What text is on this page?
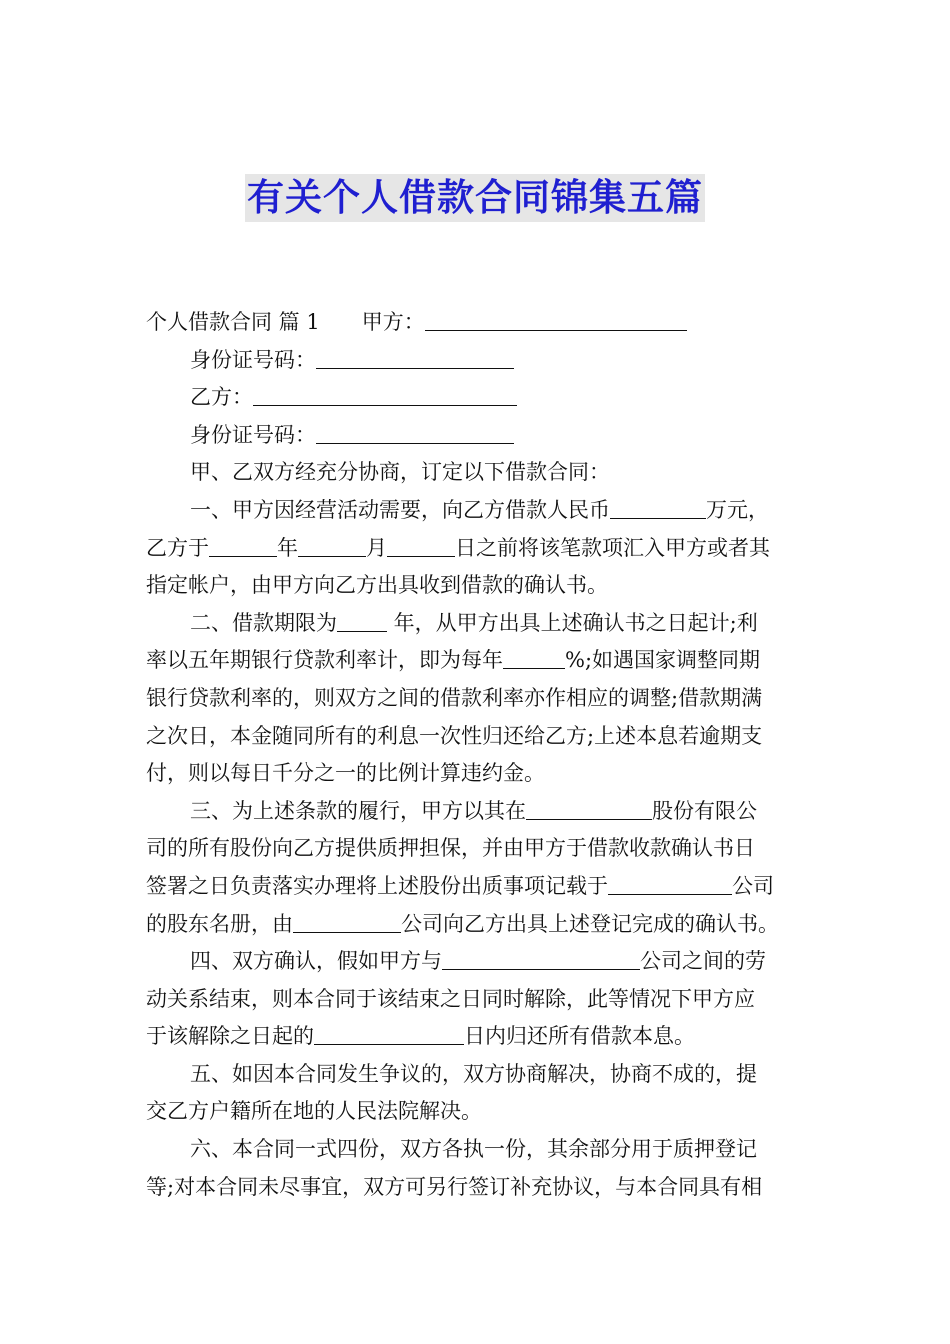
有关个人借款合同锦集五篇
个人借款合同 篇 1　　甲方：
身份证号码：
乙方：
身份证号码：
甲、乙双方经充分协商，订定以下借款合同：
一、甲方因经营活动需要，向乙方借款人民币	万元，
乙方于	年	月	日之前将该笔款项汇入甲方或者其
指定帐户，由甲方向乙方出具收到借款的确认书。
二、借款期限为 年，从甲方出具上述确认书之日起计;利
率以五年期银行贷款利率计，即为每年	%;如遇国家调整同期
银行贷款利率的，则双方之间的借款利率亦作相应的调整;借款期满
之次日，本金随同所有的利息一次性归还给乙方;上述本息若逾期支
付，则以每日千分之一的比例计算违约金。
三、为上述条款的履行，甲方以其在	股份有限公
司的所有股份向乙方提供质押担保，并由甲方于借款收款确认书日
签署之日负责落实办理将上述股份出质事项记载于	公司
的股东名册，由	公司向乙方出具上述登记完成的确认书。
四、双方确认，假如甲方与	公司之间的劳
动关系结束，则本合同于该结束之日同时解除，此等情况下甲方应
于该解除之日起的	日内归还所有借款本息。
五、如因本合同发生争议的，双方协商解决，协商不成的，提
交乙方户籍所在地的人民法院解决。
六、本合同一式四份，双方各执一份，其余部分用于质押登记
等;对本合同未尽事宜，双方可另行签订补充协议，与本合同具有相
